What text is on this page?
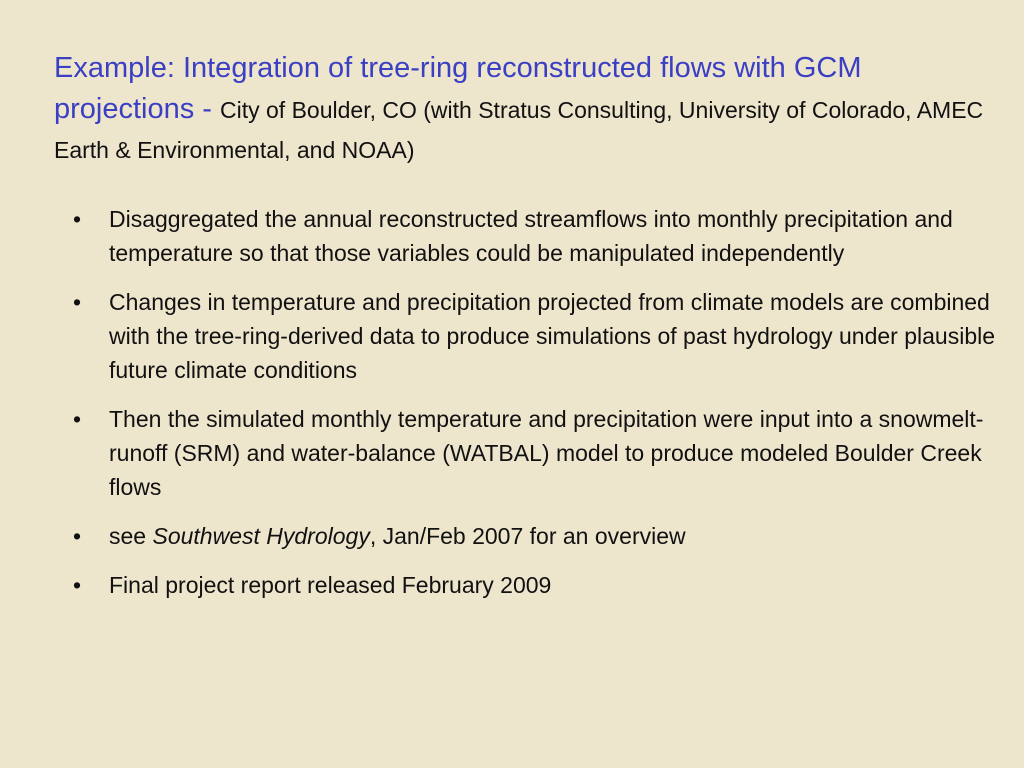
Example: Integration of tree-ring reconstructed flows with GCM projections - City of Boulder, CO (with Stratus Consulting, University of Colorado, AMEC Earth & Environmental, and NOAA)
• Disaggregated the annual reconstructed streamflows into monthly precipitation and temperature so that those variables could be manipulated independently
• Changes in temperature and precipitation projected from climate models are combined with the tree-ring-derived data to produce simulations of past hydrology under plausible future climate conditions
• Then the simulated monthly temperature and precipitation were input into a snowmelt-runoff (SRM) and water-balance (WATBAL) model to produce modeled Boulder Creek flows
• see Southwest Hydrology, Jan/Feb 2007 for an overview
• Final project report released February 2009
